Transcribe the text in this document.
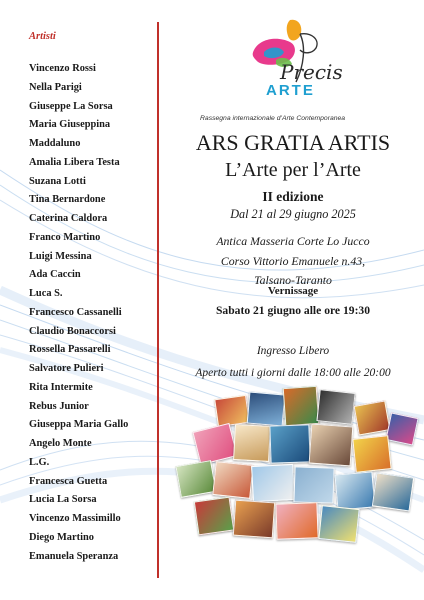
Artisti
Vincenzo Rossi
Nella Parigi
Giuseppe La Sorsa
Maria Giuseppina
Maddaluno
Amalia Libera Testa
Suzana Lotti
Tina Bernardone
Caterina Caldora
Franco Martino
Luigi Messina
Ada Caccin
Luca S.
Francesco Cassanelli
Claudio Bonaccorsi
Rossella Passarelli
Salvatore Pulieri
Rita Intermite
Rebus Junior
Giuseppa Maria Gallo
Angelo Monte
L.G.
Francesca Guetta
Lucia La Sorsa
Vincenzo Massimillo
Diego Martino
Emanuela Speranza
Precis
ARTE
Rassegna internazionale d’Arte Contemporanea
ARS GRATIA ARTIS
L’Arte per l’Arte
II edizione
Dal 21 al 29 giugno 2025
Antica Masseria Corte Lo Jucco
Corso Vittorio Emanuele n.43,
Talsano-Taranto
Vernissage
Sabato 21 giugno alle ore 19:30
Ingresso Libero
Aperto tutti i giorni dalle 18:00 alle 20:00
